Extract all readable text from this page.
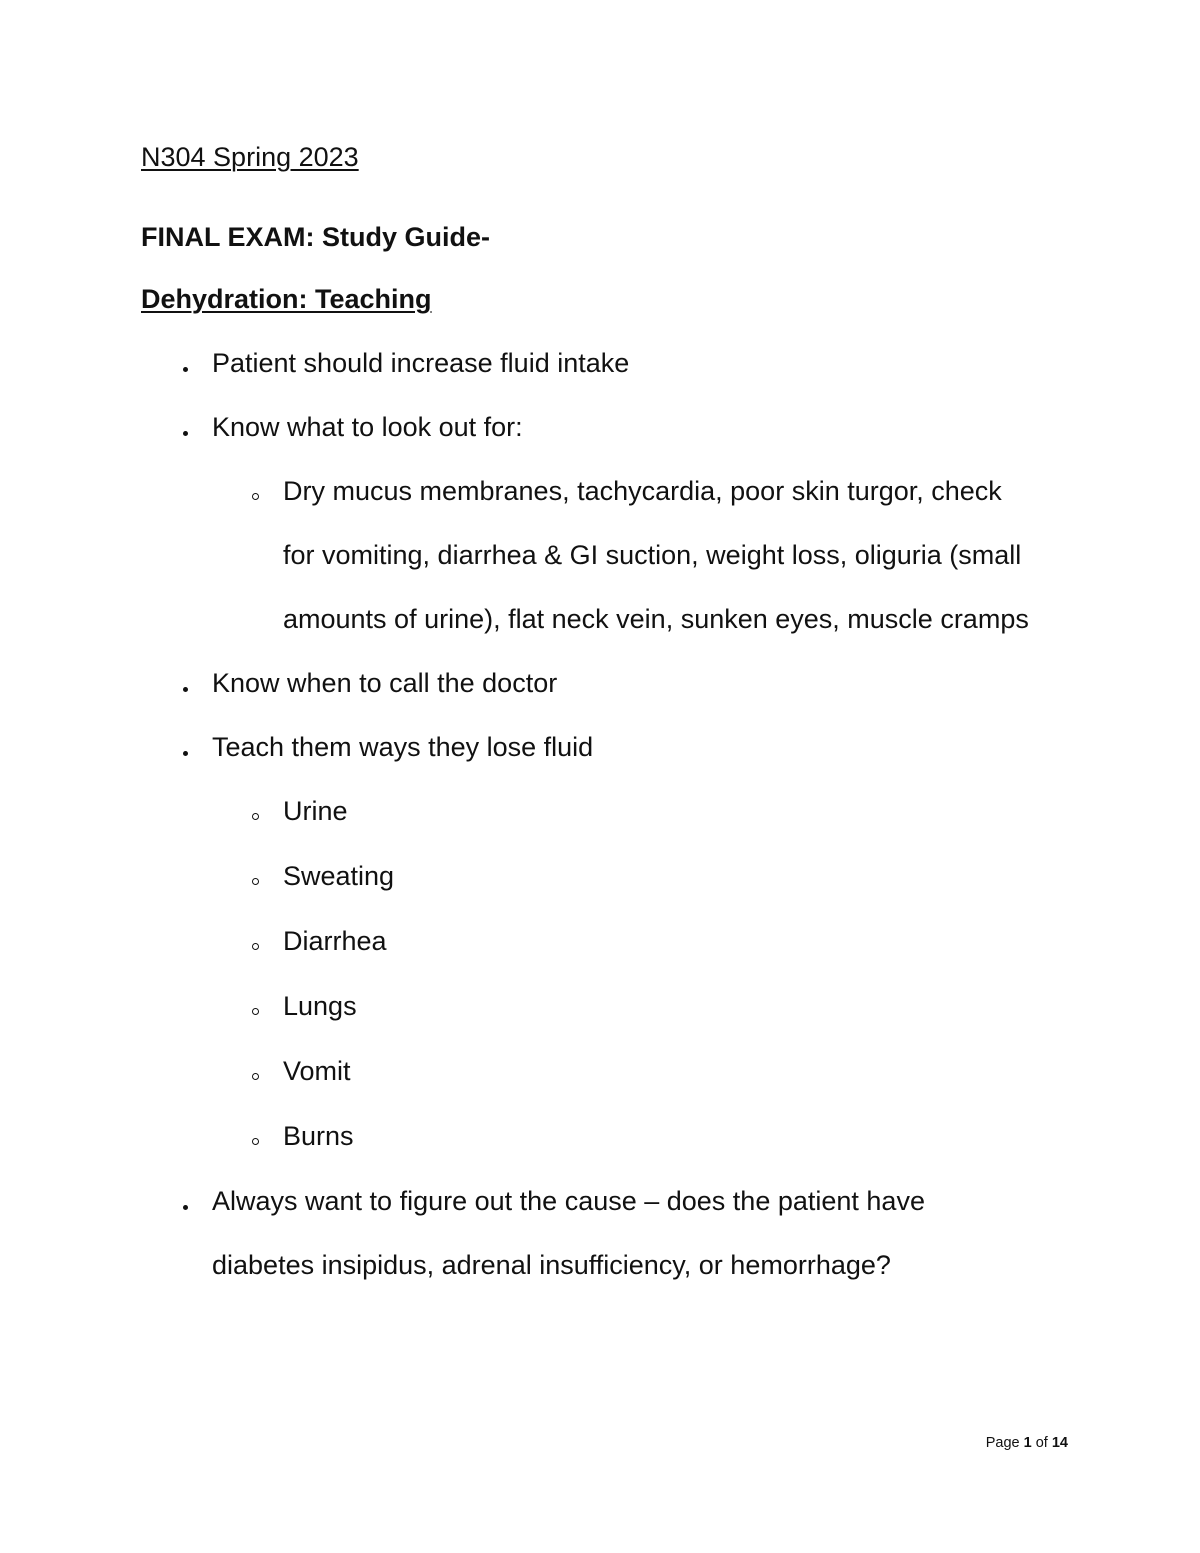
N304 Spring 2023
FINAL EXAM: Study Guide-
Dehydration: Teaching
Patient should increase fluid intake
Know what to look out for:
Dry mucus membranes, tachycardia, poor skin turgor, check
for vomiting, diarrhea & GI suction, weight loss, oliguria (small
amounts of urine), flat neck vein, sunken eyes, muscle cramps
Know when to call the doctor
Teach them ways they lose fluid
Urine
Sweating
Diarrhea
Lungs
Vomit
Burns
Always want to figure out the cause – does the patient have
diabetes insipidus, adrenal insufficiency, or hemorrhage?
Page 1 of 14
